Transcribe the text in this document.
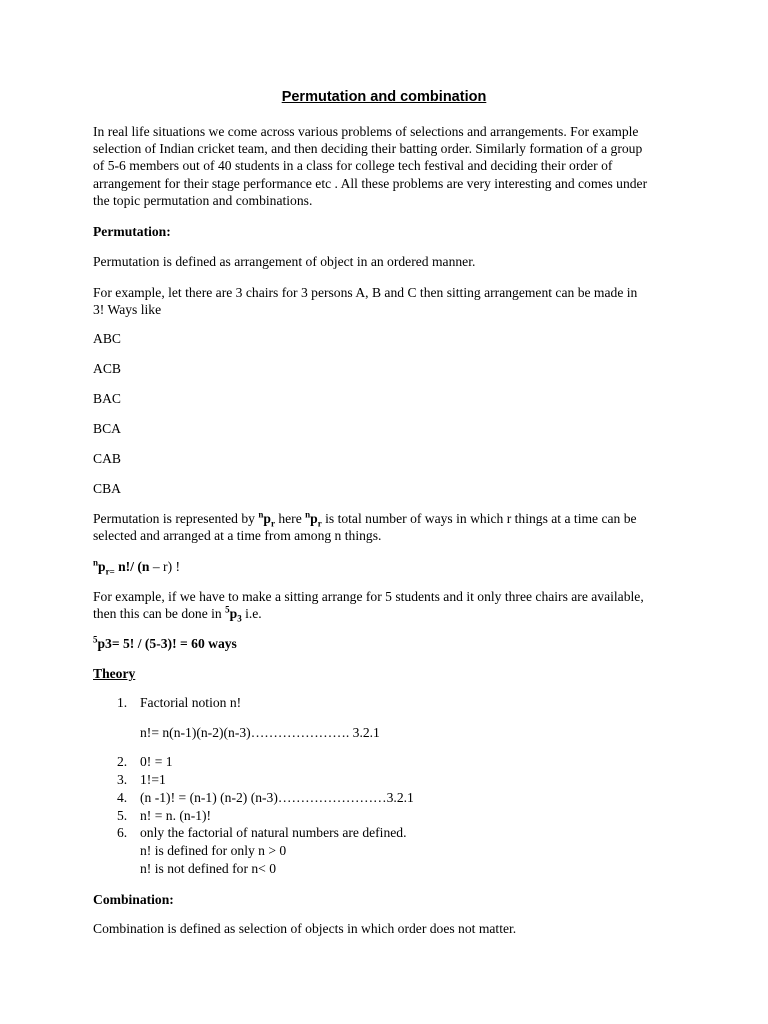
Permutation and combination
In real life situations we come across various problems of selections and arrangements. For example
selection of Indian cricket team, and then deciding their batting order. Similarly formation of a group
of 5-6 members out of 40 students in a class for college tech festival and deciding their order of
arrangement for their stage performance etc . All these problems are very interesting and comes under
the topic permutation and combinations.
Permutation:
Permutation is defined as arrangement of object in an ordered manner.
For example, let there are 3 chairs for 3 persons A, B and C then sitting arrangement can be made in
3! Ways like
ABC
ACB
BAC
BCA
CAB
CBA
Permutation is represented by $^np_r$ here $^np_r$ is total number of ways in which r things at a time can be
selected and arranged at a time from among n things.
$^np_{r=}$ n!/ (n – r) !
For example, if we have to make a sitting arrange for 5 students and it only three chairs are available,
then this can be done in $^5p_3$ i.e.
$^5$p3= 5! / (5-3)! = 60 ways
Theory
1. Factorial notion n!
n!= n(n-1)(n-2)(n-3)…………………. 3.2.1
2. 0! = 1
3. 1!=1
4. (n -1)! = (n-1) (n-2) (n-3)……………………3.2.1
5. n! = n. (n-1)!
6. only the factorial of natural numbers are defined.
n! is defined for only n > 0
n! is not defined for n< 0
Combination:
Combination is defined as selection of objects in which order does not matter.
